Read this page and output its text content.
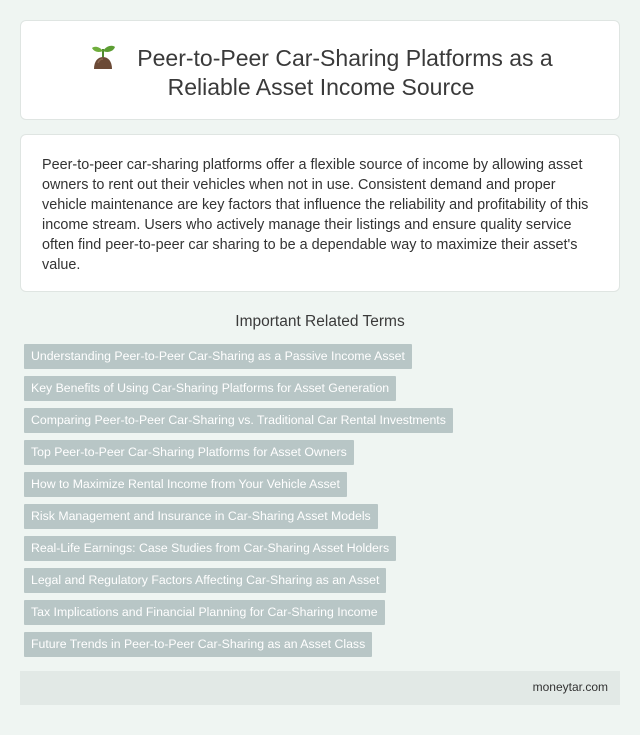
Peer-to-Peer Car-Sharing Platforms as a
Reliable Asset Income Source

Peer-to-peer car-sharing platforms offer a flexible source of income by allowing asset owners to rent out their vehicles when not in use. Consistent demand and proper vehicle maintenance are key factors that influence the reliability and profitability of this income stream. Users who actively manage their listings and ensure quality service often find peer-to-peer car sharing to be a dependable way to maximize their asset's value.

Important Related Terms
Understanding Peer-to-Peer Car-Sharing as a Passive Income Asset
Key Benefits of Using Car-Sharing Platforms for Asset Generation
Comparing Peer-to-Peer Car-Sharing vs. Traditional Car Rental Investments
Top Peer-to-Peer Car-Sharing Platforms for Asset Owners
How to Maximize Rental Income from Your Vehicle Asset
Risk Management and Insurance in Car-Sharing Asset Models
Real-Life Earnings: Case Studies from Car-Sharing Asset Holders
Legal and Regulatory Factors Affecting Car-Sharing as an Asset
Tax Implications and Financial Planning for Car-Sharing Income
Future Trends in Peer-to-Peer Car-Sharing as an Asset Class
moneytar.com
